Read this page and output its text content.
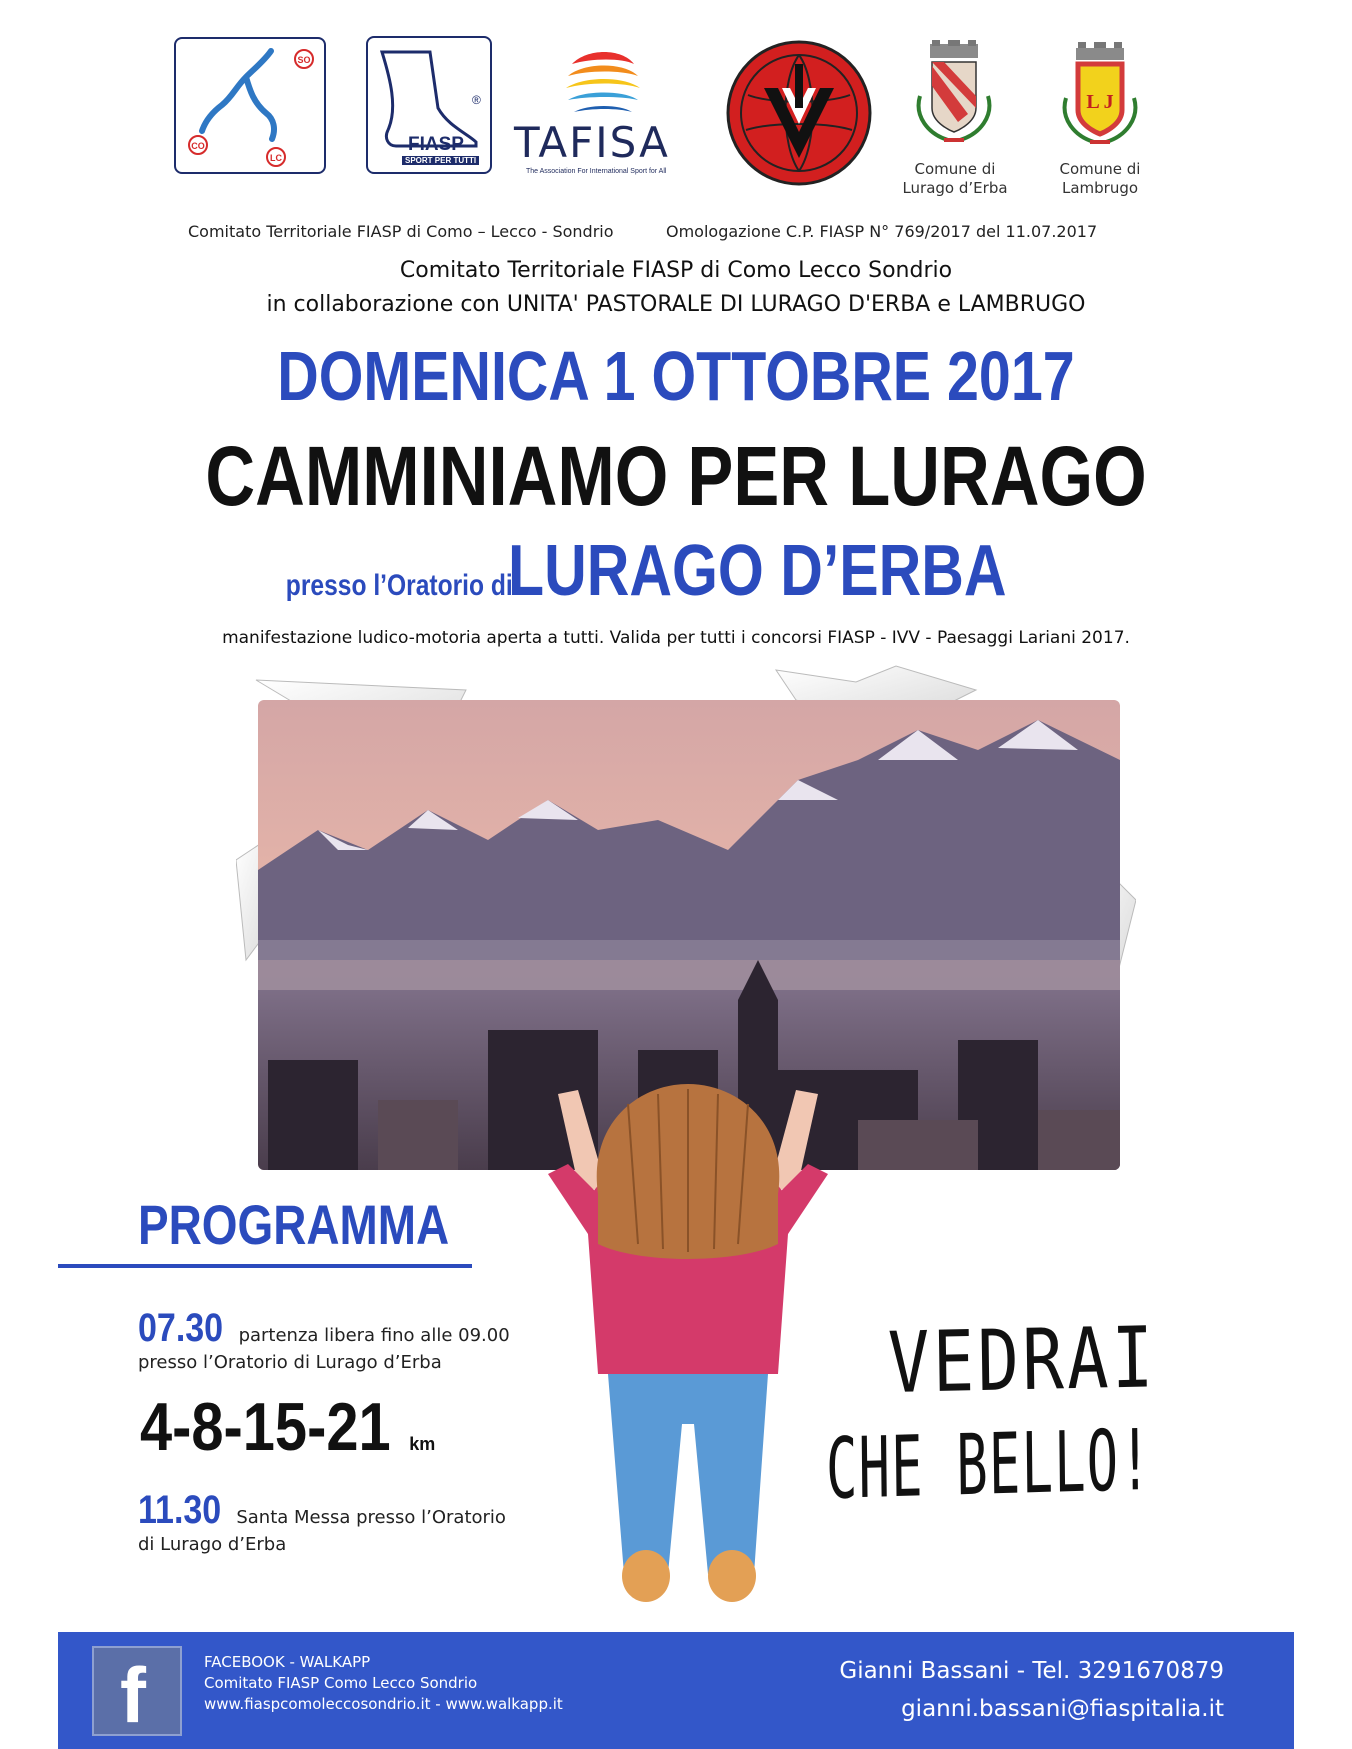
SO
CO
LC
®
FIASP
SPORT PER TUTTI TAFISA
The Association For International Sport for All	Comune di
Lurago d’Erba
L J
Comune di
Lambrugo
Comitato Territoriale FIASP di Como – Lecco - Sondrio	Omologazione C.P. FIASP N° 769/2017 del 11.07.2017
Comitato Territoriale FIASP di Como Lecco Sondrio
in collaborazione con UNITA' PASTORALE DI LURAGO D'ERBA e LAMBRUGO
DOMENICA 1 OTTOBRE 2017
CAMMINIAMO PER LURAGO
presso l’Oratorio di LURAGO D’ERBA
manifestazione ludico-motoria aperta a tutti. Valida per tutti i concorsi FIASP - IVV - Paesaggi Lariani 2017.
PROGRAMMA
07.30 partenza libera fino alle 09.00
presso l’Oratorio di Lurago d’Erba
4-8-15-21 km
11.30 Santa Messa presso l’Oratorio
di Lurago d’Erba
VEDRAI
CHE BELLO!
f	FACEBOOK - WALKAPP
Comitato FIASP Como Lecco Sondrio
www.fiaspcomoleccosondrio.it - www.walkapp.it
Gianni Bassani - Tel. 3291670879
gianni.bassani@fiaspitalia.it
